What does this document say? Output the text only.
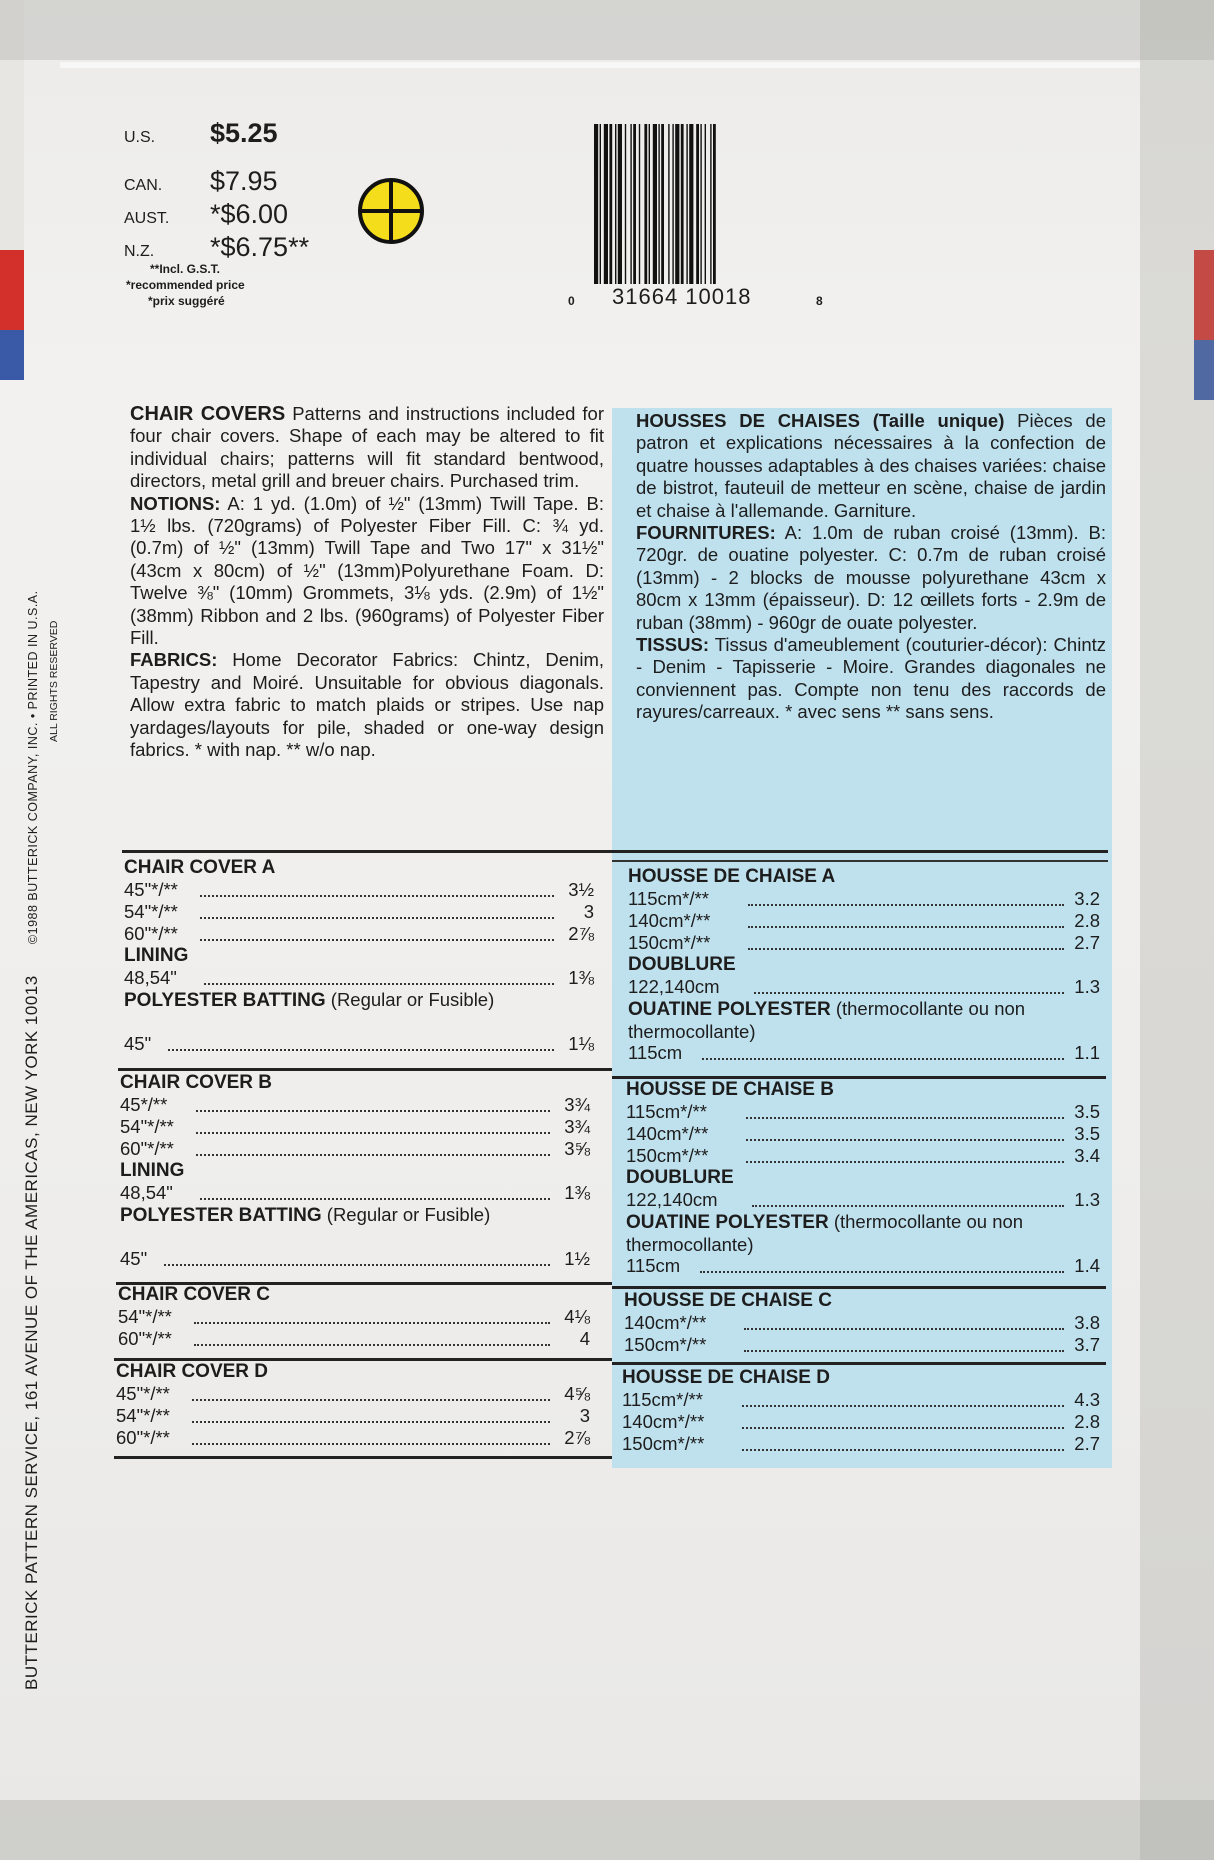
BUTTERICK PATTERN SERVICE, 161 AVENUE OF THE AMERICAS, NEW YORK 10013 ©1988 BUTTERICK COMPANY, INC. • PRINTED IN U.S.A. ALL RIGHTS RESERVED
U.S. $5.25
CAN. $7.95
AUST. *$6.00
N.Z. *$6.75**
**Incl. G.S.T.
*recommended price
*prix suggéré	31664 10018
0	8
CHAIR COVERS Patterns and instructions included for four chair covers. Shape of each may be altered to fit individual chairs; patterns will fit standard bentwood, directors, metal grill and breuer chairs. Purchased trim.
NOTIONS: A: 1 yd. (1.0m) of ½" (13mm) Twill Tape. B: 1½ lbs. (720grams) of Polyester Fiber Fill. C: ¾ yd. (0.7m) of ½" (13mm) Twill Tape and Two 17" x 31½" (43cm x 80cm) of ½" (13mm)Polyurethane Foam. D: Twelve ⅜" (10mm) Grommets, 3⅛ yds. (2.9m) of 1½" (38mm) Ribbon and 2 lbs. (960grams) of Polyester Fiber Fill.
FABRICS: Home Decorator Fabrics: Chintz, Denim, Tapestry and Moiré. Unsuitable for obvious diagonals. Allow extra fabric to match plaids or stripes. Use nap yardages/layouts for pile, shaded or one-way design fabrics. * with nap. ** w/o nap.
HOUSSES DE CHAISES (Taille unique) Pièces de patron et explications nécessaires à la confection de quatre housses adaptables à des chaises variées: chaise de bistrot, fauteuil de metteur en scène, chaise de jardin et chaise à l'allemande. Garniture.
FOURNITURES: A: 1.0m de ruban croisé (13mm). B: 720gr. de ouatine polyester. C: 0.7m de ruban croisé (13mm) - 2 blocks de mousse polyurethane 43cm x 80cm x 13mm (épaisseur). D: 12 œillets forts - 2.9m de ruban (38mm) - 960gr de ouate polyester.
TISSUS: Tissus d'ameublement (couturier-décor): Chintz - Denim - Tapisserie - Moire. Grandes diagonales ne conviennent pas. Compte non tenu des raccords de rayures/carreaux. * avec sens ** sans sens.
CHAIR COVER A
45"*/**	3½
54"*/**	3
60"*/**	2⅞
LINING
48,54"	1⅜
POLYESTER BATTING (Regular or Fusible)
45"	1⅛
CHAIR COVER B
45*/**	3¾
54"*/**	3¾
60"*/**	3⅝
LINING
48,54"	1⅜
POLYESTER BATTING (Regular or Fusible)
45"	1½
CHAIR COVER C
54"*/**	4⅛
60"*/**	4
CHAIR COVER D
45"*/**	4⅝
54"*/**	3
60"*/**	2⅞
HOUSSE DE CHAISE A
115cm*/**	3.2
140cm*/**	2.8
150cm*/**	2.7
DOUBLURE
122,140cm	1.3
OUATINE POLYESTER (thermocollante ou non thermocollante)
115cm	1.1
HOUSSE DE CHAISE B
115cm*/**	3.5
140cm*/**	3.5
150cm*/**	3.4
DOUBLURE
122,140cm	1.3
OUATINE POLYESTER (thermocollante ou non thermocollante)
115cm	1.4
HOUSSE DE CHAISE C
140cm*/**	3.8
150cm*/**	3.7
HOUSSE DE CHAISE D
115cm*/**	4.3
140cm*/**	2.8
150cm*/**	2.7
